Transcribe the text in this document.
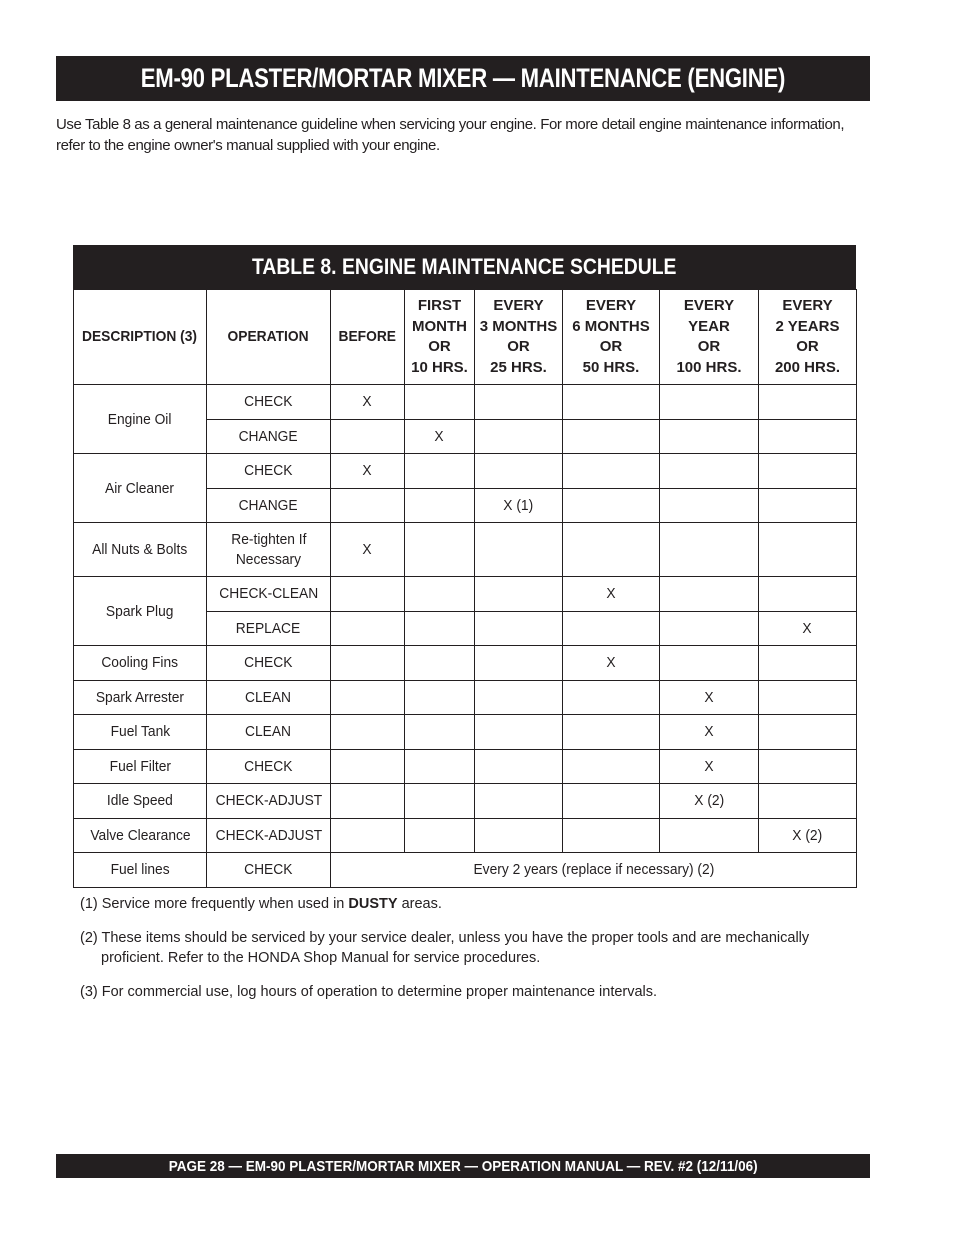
EM-90 PLASTER/MORTAR MIXER — MAINTENANCE (ENGINE)

Use Table 8 as a general maintenance guideline when servicing your engine. For more detail engine maintenance information, refer to the engine owner's manual supplied with your engine.

TABLE 8. ENGINE MAINTENANCE SCHEDULE
DESCRIPTION (3)	OPERATION	BEFORE	FIRST
MONTH
OR
10 HRS.	EVERY
3 MONTHS
OR
25 HRS.	EVERY
6 MONTHS
OR
50 HRS.	EVERY
YEAR
OR
100 HRS.	EVERY
2 YEARS
OR
200 HRS.

Engine Oil	CHECK	X					
	CHANGE		X				
Air Cleaner	CHECK	X					
	CHANGE			X (1)			
All Nuts & Bolts	Re-tighten If
Necessary	X					
Spark Plug	CHECK-CLEAN				X		
	REPLACE						X
Cooling Fins	CHECK				X		
Spark Arrester	CLEAN					X	
Fuel Tank	CLEAN					X	
Fuel Filter	CHECK					X	
Idle Speed	CHECK-ADJUST					X (2)	
Valve Clearance	CHECK-ADJUST						X (2)
Fuel lines	CHECK	Every 2 years (replace if necessary) (2)					

(1) Service more frequently when used in DUSTY areas.

(2) These items should be serviced by your service dealer, unless you have the proper tools and are mechanically proficient. Refer to the HONDA Shop Manual for service procedures.

(3) For commercial use, log hours of operation to determine proper maintenance intervals.

PAGE 28 — EM-90 PLASTER/MORTAR MIXER — OPERATION MANUAL — REV. #2 (12/11/06)
